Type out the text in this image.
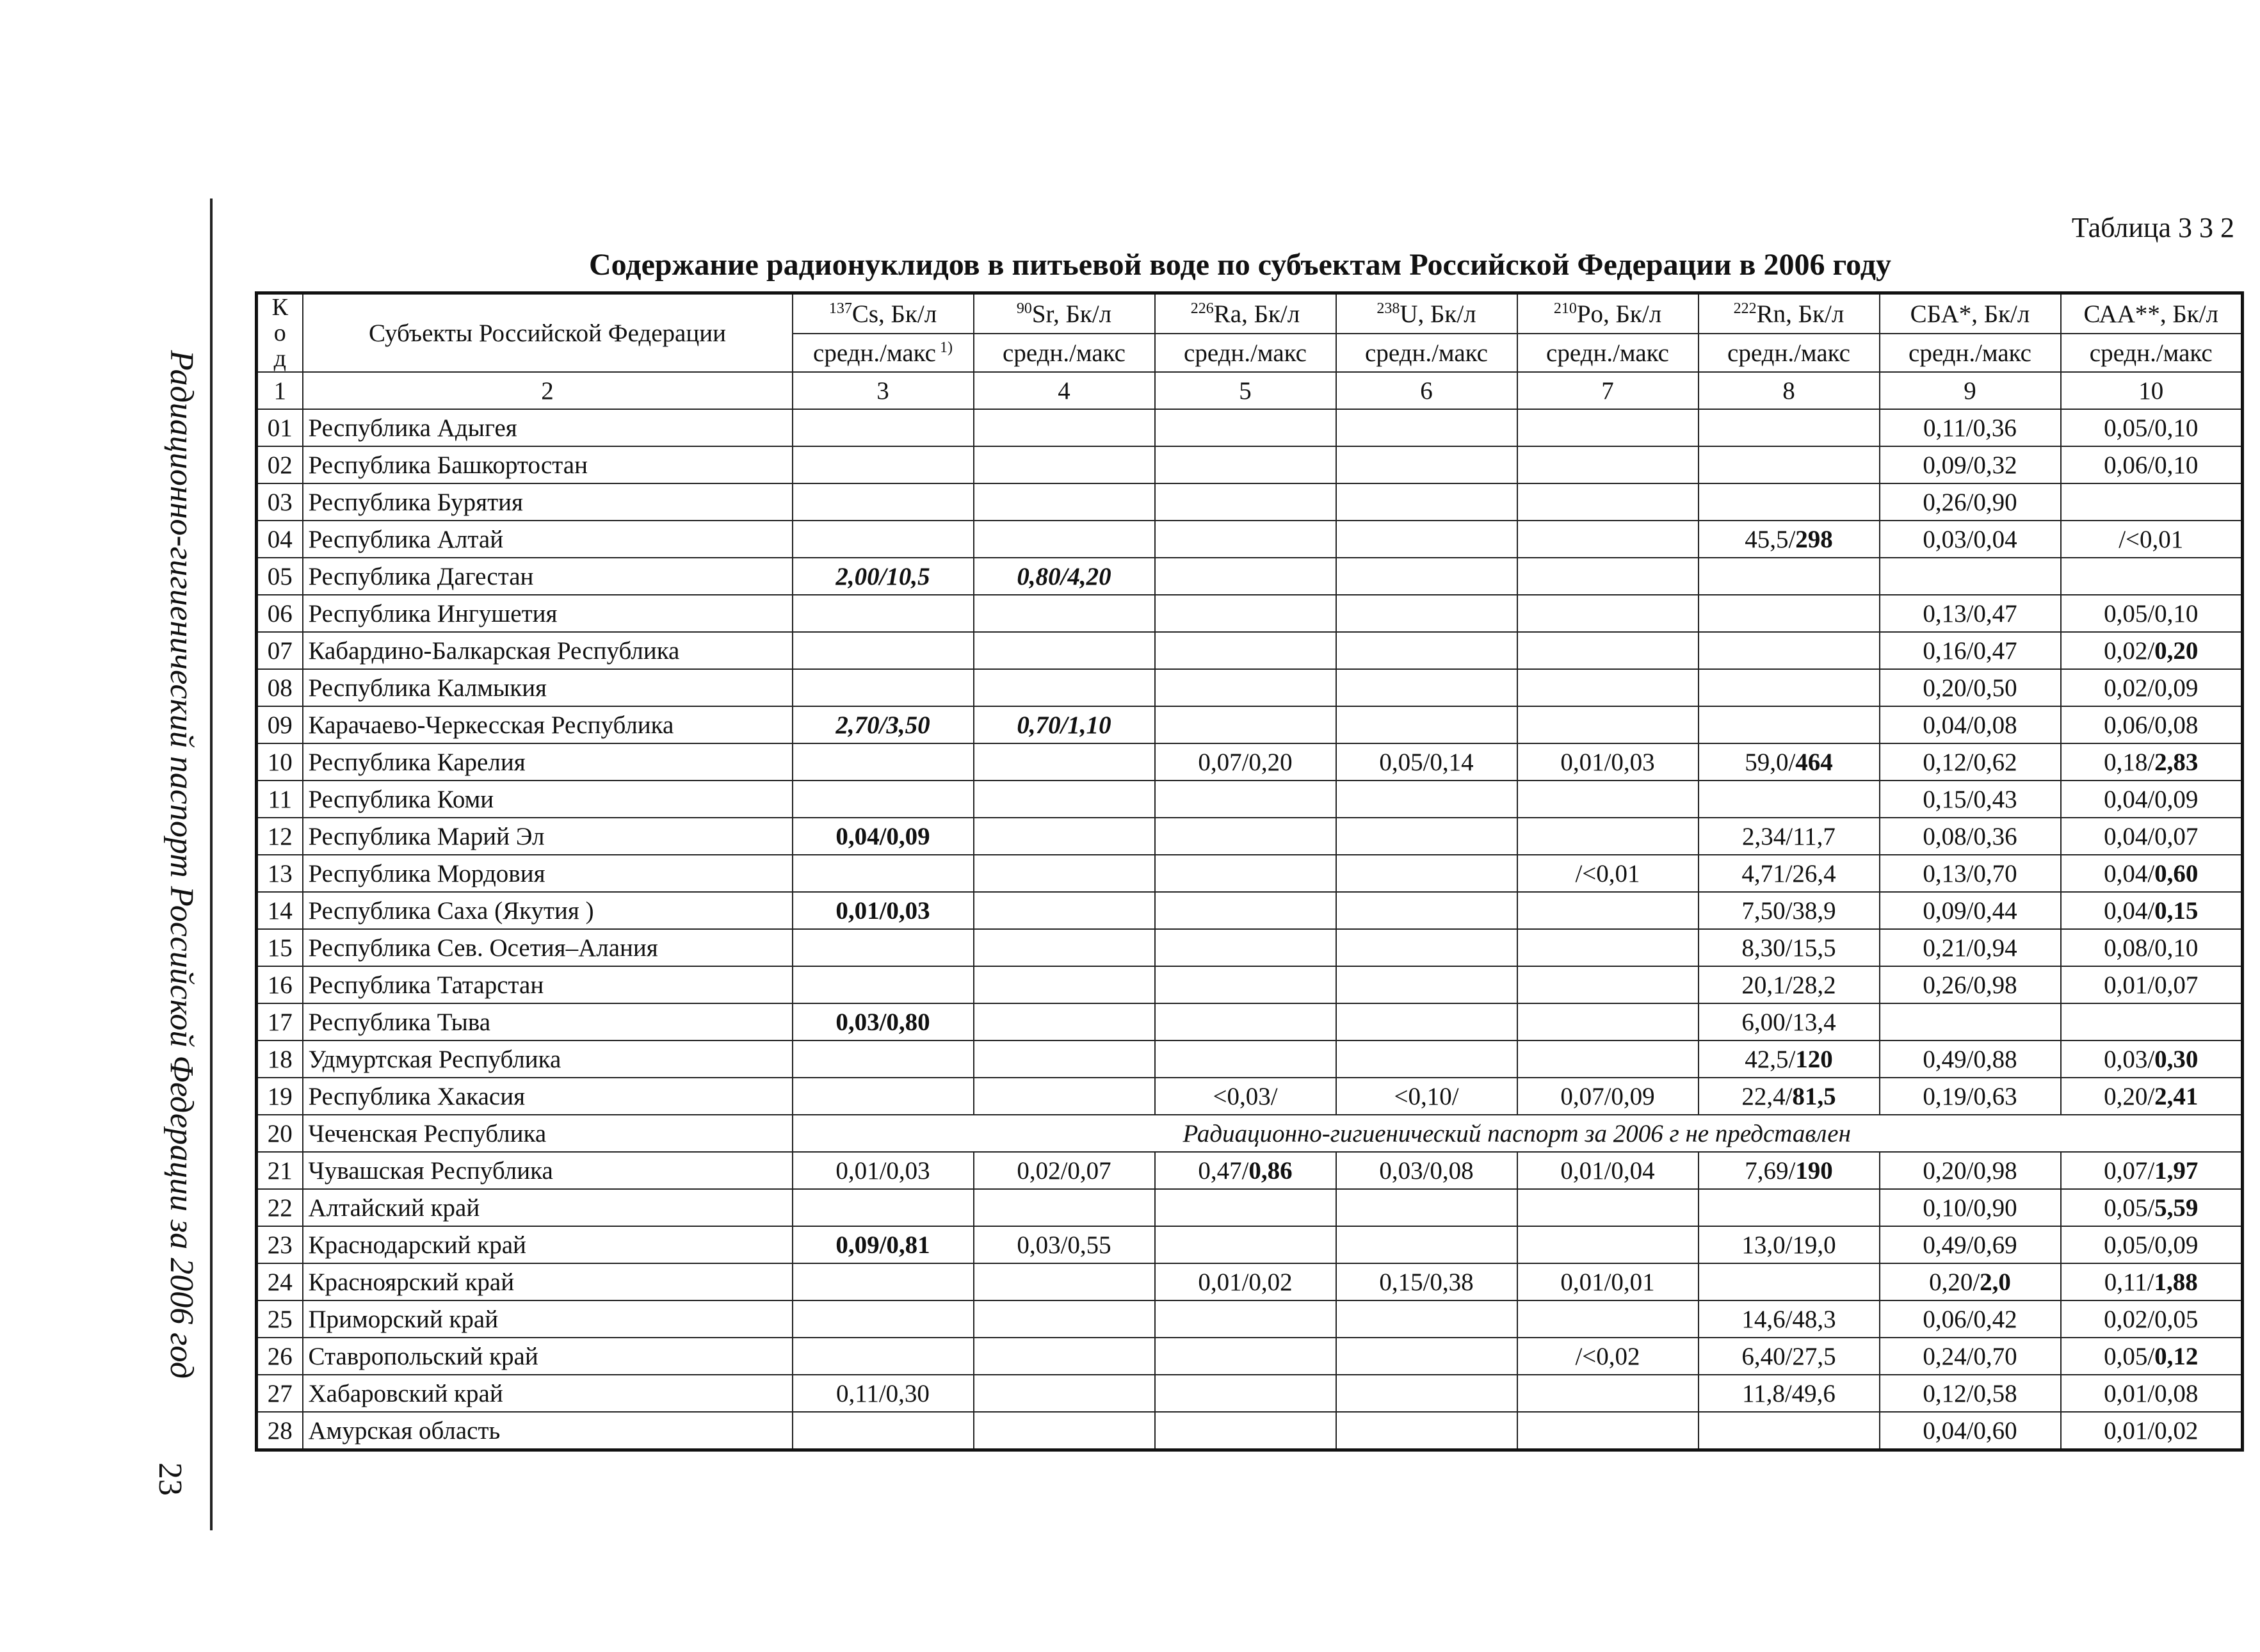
Радиационно-гигиенический паспорт Российской Федерации за 2006 год
23
Таблица 3 3 2
Содержание радионуклидов в питьевой воде по субъектам Российской Федерации в 2006 году
К
о
д	Субъекты Российской Федерации	$^{137}$Cs, Бк/л	$^{90}$Sr, Бк/л	$^{226}$Ra, Бк/л	$^{238}$U, Бк/л	$^{210}$Po, Бк/л	$^{222}$Rn, Бк/л	СБА*, Бк/л	САА**, Бк/л
		средн./макс $^{1)}$	средн./макс	средн./макс	средн./макс	средн./макс	средн./макс	средн./макс	средн./макс
1	2	3	4	5	6	7	8	9	10
01	Республика Адыгея							0,11/0,36	0,05/0,10
02	Республика Башкортостан							0,09/0,32	0,06/0,10
03	Республика Бурятия							0,26/0,90	
04	Республика Алтай						45,5/298	0,03/0,04	/<0,01
05	Республика Дагестан	2,00/10,5	0,80/4,20						
06	Республика Ингушетия							0,13/0,47	0,05/0,10
07	Кабардино-Балкарская Республика							0,16/0,47	0,02/0,20
08	Республика Калмыкия							0,20/0,50	0,02/0,09
09	Карачаево-Черкесская Республика	2,70/3,50	0,70/1,10					0,04/0,08	0,06/0,08
10	Республика Карелия			0,07/0,20	0,05/0,14	0,01/0,03	59,0/464	0,12/0,62	0,18/2,83
11	Республика Коми							0,15/0,43	0,04/0,09
12	Республика Марий Эл	0,04/0,09					2,34/11,7	0,08/0,36	0,04/0,07
13	Республика Мордовия					/<0,01	4,71/26,4	0,13/0,70	0,04/0,60
14	Республика Саха (Якутия )	0,01/0,03					7,50/38,9	0,09/0,44	0,04/0,15
15	Республика Сев. Осетия–Алания						8,30/15,5	0,21/0,94	0,08/0,10
16	Республика Татарстан						20,1/28,2	0,26/0,98	0,01/0,07
17	Республика Тыва	0,03/0,80					6,00/13,4		
18	Удмуртская Республика						42,5/120	0,49/0,88	0,03/0,30
19	Республика Хакасия			<0,03/	<0,10/	0,07/0,09	22,4/81,5	0,19/0,63	0,20/2,41
20	Чеченская Республика	Радиационно-гигиенический паспорт за 2006 г не представлен							
21	Чувашская Республика	0,01/0,03	0,02/0,07	0,47/0,86	0,03/0,08	0,01/0,04	7,69/190	0,20/0,98	0,07/1,97
22	Алтайский край							0,10/0,90	0,05/5,59
23	Краснодарский край	0,09/0,81	0,03/0,55				13,0/19,0	0,49/0,69	0,05/0,09
24	Красноярский край			0,01/0,02	0,15/0,38	0,01/0,01		0,20/2,0	0,11/1,88
25	Приморский край						14,6/48,3	0,06/0,42	0,02/0,05
26	Ставропольский край					/<0,02	6,40/27,5	0,24/0,70	0,05/0,12
27	Хабаровский край	0,11/0,30					11,8/49,6	0,12/0,58	0,01/0,08
28	Амурская область							0,04/0,60	0,01/0,02
